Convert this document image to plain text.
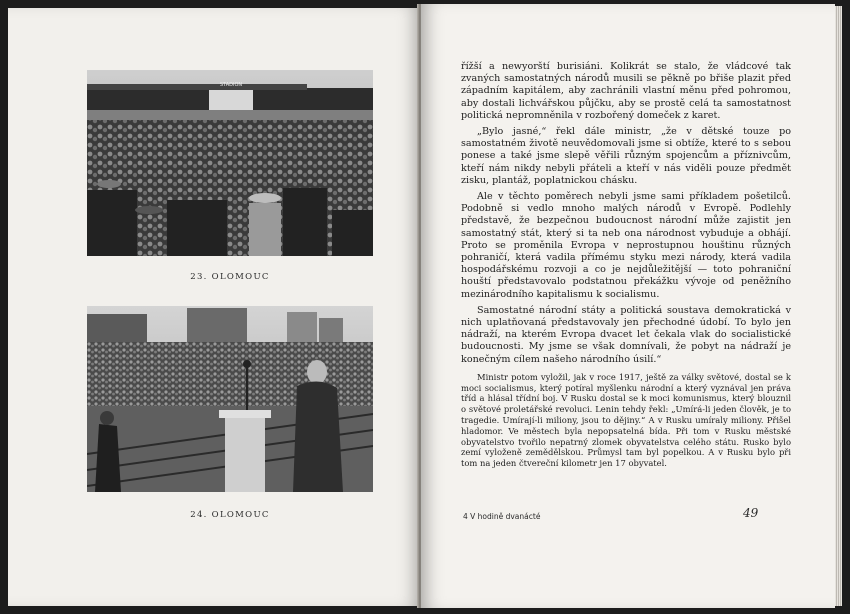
STADION
23. OLOMOUC
24. OLOMOUC

řížší a newyorští burisiáni. Kolikrát se stalo, že vládcové tak zvaných samostatných národů musili se pěkně po břiše plazit před západním kapitálem, aby zachránili vlastní měnu před pohromou, aby dostali lichvářskou půjčku, aby se prostě celá ta samostatnost politická nepromněnila v rozbořený domeček z karet.

„Bylo jasné,“ řekl dále ministr, „že v dětské touze po samostatném životě neuvědomovali jsme si obtíže, které to s sebou ponese a také jsme slepě věřili různým spojencům a příznivcům, kteří nám nikdy nebyli přáteli a kteří v nás viděli pouze předmět zisku, plantáž, poplatnickou chásku.

Ale v těchto poměrech nebyli jsme sami příkladem pošetilců. Podobně si vedlo mnoho malých národů v Evropě. Podlehly představě, že bezpečnou budoucnost národní může zajistit jen samostatný stát, který si ta neb ona národnost vybuduje a obhájí. Proto se proměnila Evropa v neprostupnou houštinu různých pohraničí, která vadila přímému styku mezi národy, která vadila hospodářskému rozvoji a co je nejdůležitější — toto pohraniční houští představovalo podstatnou překážku vývoje od peněžního mezinárodního kapitalismu k socialismu.

Samostatné národní státy a politická soustava demokratická v nich uplatňovaná představovaly jen přechodné údobí. To bylo jen nádraží, na kterém Evropa dvacet let čekala vlak do socialistické budoucnosti. My jsme se však domnívali, že pobyt na nádraží je konečným cílem našeho národního úsilí.“

Ministr potom vyložil, jak v roce 1917, ještě za války světové, dostal se k moci socialismus, který potíral myšlenku národní a který vyznával jen práva tříd a hlásal třídní boj. V Rusku dostal se k moci komunismus, který blouznil o světové proletářské revoluci. Lenin tehdy řekl: „Umírá-li jeden člověk, je to tragedie. Umírají-li miliony, jsou to dějiny.“ A v Rusku umíraly miliony. Přišel hladomor. Ve městech byla nepopsatelná bída. Při tom v Rusku městské obyvatelstvo tvořilo nepatrný zlomek obyvatelstva celého státu. Rusko bylo zemí vyloženě zemědělskou. Průmysl tam byl popelkou. A v Rusku bylo při tom na jeden čtvereční kilometr jen 17 obyvatel.

4 V hodině dvanácté	49
